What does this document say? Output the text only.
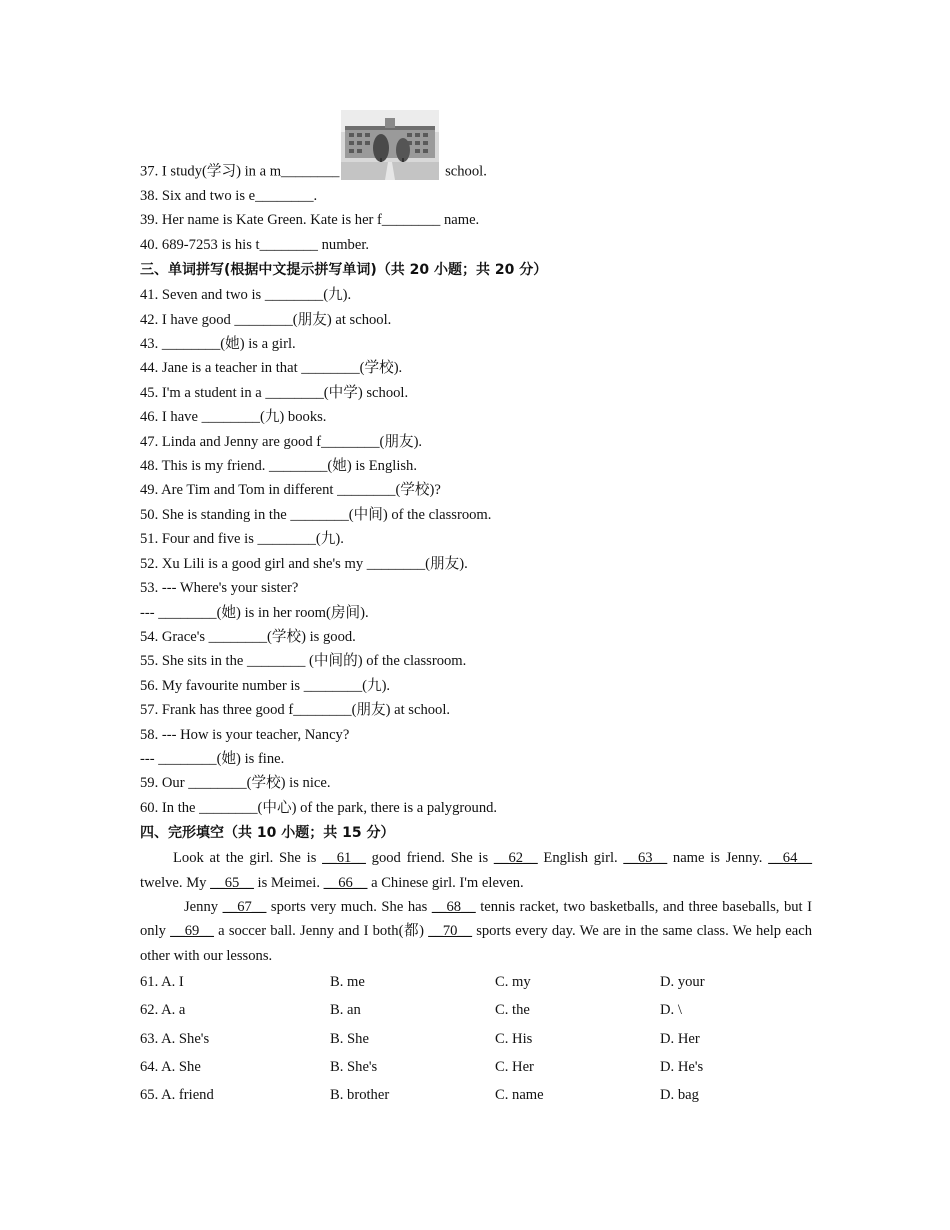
37. I study(学习) in a m________	school.
38. Six and two is e________.
39. Her name is Kate Green. Kate is her f________ name.
40. 689-7253 is his t________ number.
三、单词拼写(根据中文提示拼写单词)（共 20 小题；共 20 分）
41. Seven and two is ________(九).
42. I have good ________(朋友) at school.
43. ________(她) is a girl.
44. Jane is a teacher in that ________(学校).
45. I'm a student in a ________(中学) school.
46. I have ________(九) books.
47. Linda and Jenny are good f________(朋友).
48. This is my friend. ________(她) is English.
49. Are Tim and Tom in different ________(学校)?
50. She is standing in the ________(中间) of the classroom.
51. Four and five is ________(九).
52. Xu Lili is a good girl and she's my ________(朋友).
53. --- Where's your sister?
--- ________(她) is in her room(房间).
54. Grace's ________(学校) is good.
55. She sits in the ________ (中间的) of the classroom.
56. My favourite number is ________(九).
57. Frank has three good f________(朋友) at school.
58. --- How is your teacher, Nancy?
--- ________(她) is fine.
59. Our ________(学校) is nice.
60. In the ________(中心) of the park, there is a palyground.
四、完形填空（共 10 小题；共 15 分）
Look at the girl. She is __61__ good friend. She is __62__ English girl. __63__ name is Jenny. __64__ twelve. My __65__ is Meimei. __66__ a Chinese girl. I'm eleven.
Jenny __67__ sports very much. She has __68__ tennis racket, two basketballs, and three baseballs, but I only __69__ a soccer ball. Jenny and I both(都) __70__ sports every day. We are in the same class. We help each other with our lessons.
61. A. I	B. me	C. my	D. your
62. A. a	B. an	C. the	D. \
63. A. She's	B. She	C. His	D. Her
64. A. She	B. She's	C. Her	D. He's
65. A. friend	B. brother	C. name	D. bag
